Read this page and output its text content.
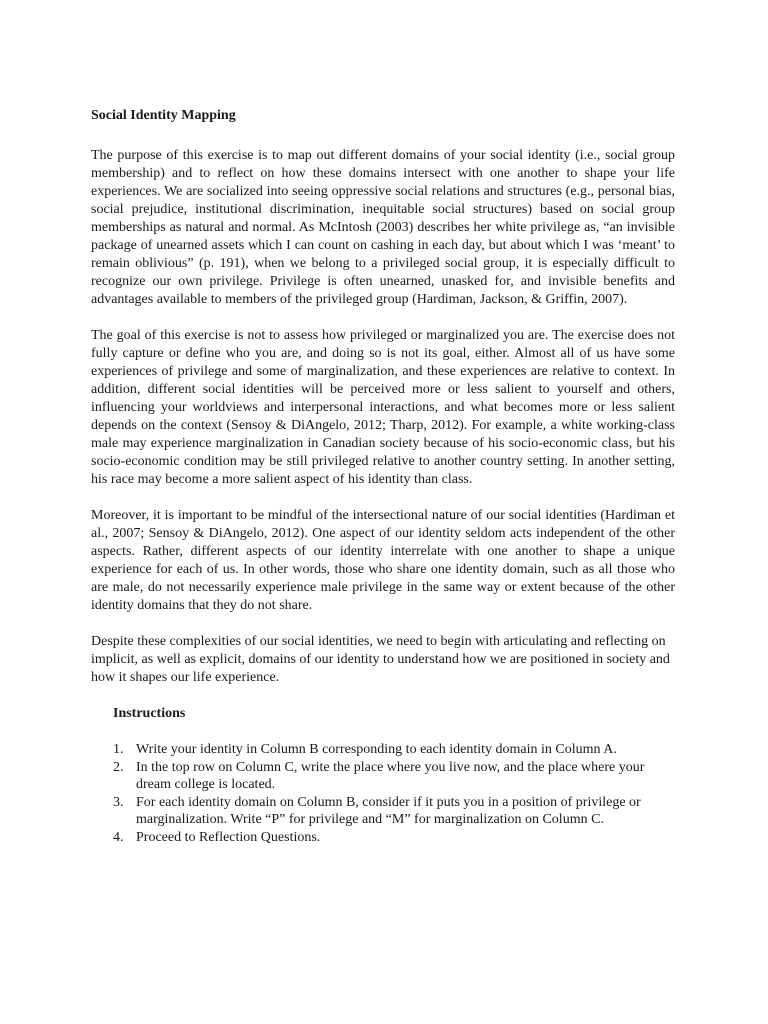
Social Identity Mapping

The purpose of this exercise is to map out different domains of your social identity (i.e., social group membership) and to reflect on how these domains intersect with one another to shape your life experiences. We are socialized into seeing oppressive social relations and structures (e.g., personal bias, social prejudice, institutional discrimination, inequitable social structures) based on social group memberships as natural and normal. As McIntosh (2003) describes her white privilege as, “an invisible package of unearned assets which I can count on cashing in each day, but about which I was ‘meant’ to remain oblivious” (p. 191), when we belong to a privileged social group, it is especially difficult to recognize our own privilege. Privilege is often unearned, unasked for, and invisible benefits and advantages available to members of the privileged group (Hardiman, Jackson, & Griffin, 2007).

The goal of this exercise is not to assess how privileged or marginalized you are. The exercise does not fully capture or define who you are, and doing so is not its goal, either. Almost all of us have some experiences of privilege and some of marginalization, and these experiences are relative to context. In addition, different social identities will be perceived more or less salient to yourself and others, influencing your worldviews and interpersonal interactions, and what becomes more or less salient depends on the context (Sensoy & DiAngelo, 2012; Tharp, 2012). For example, a white working-class male may experience marginalization in Canadian society because of his socio-economic class, but his socio-economic condition may be still privileged relative to another country setting. In another setting, his race may become a more salient aspect of his identity than class.

Moreover, it is important to be mindful of the intersectional nature of our social identities (Hardiman et al., 2007; Sensoy & DiAngelo, 2012). One aspect of our identity seldom acts independent of the other aspects. Rather, different aspects of our identity interrelate with one another to shape a unique experience for each of us. In other words, those who share one identity domain, such as all those who are male, do not necessarily experience male privilege in the same way or extent because of the other identity domains that they do not share.

Despite these complexities of our social identities, we need to begin with articulating and reflecting on implicit, as well as explicit, domains of our identity to understand how we are positioned in society and how it shapes our life experience.

Instructions
1. Write your identity in Column B corresponding to each identity domain in Column A.
2. In the top row on Column C, write the place where you live now, and the place where your dream college is located.
3. For each identity domain on Column B, consider if it puts you in a position of privilege or marginalization. Write “P” for privilege and “M” for marginalization on Column C.
4. Proceed to Reflection Questions.
